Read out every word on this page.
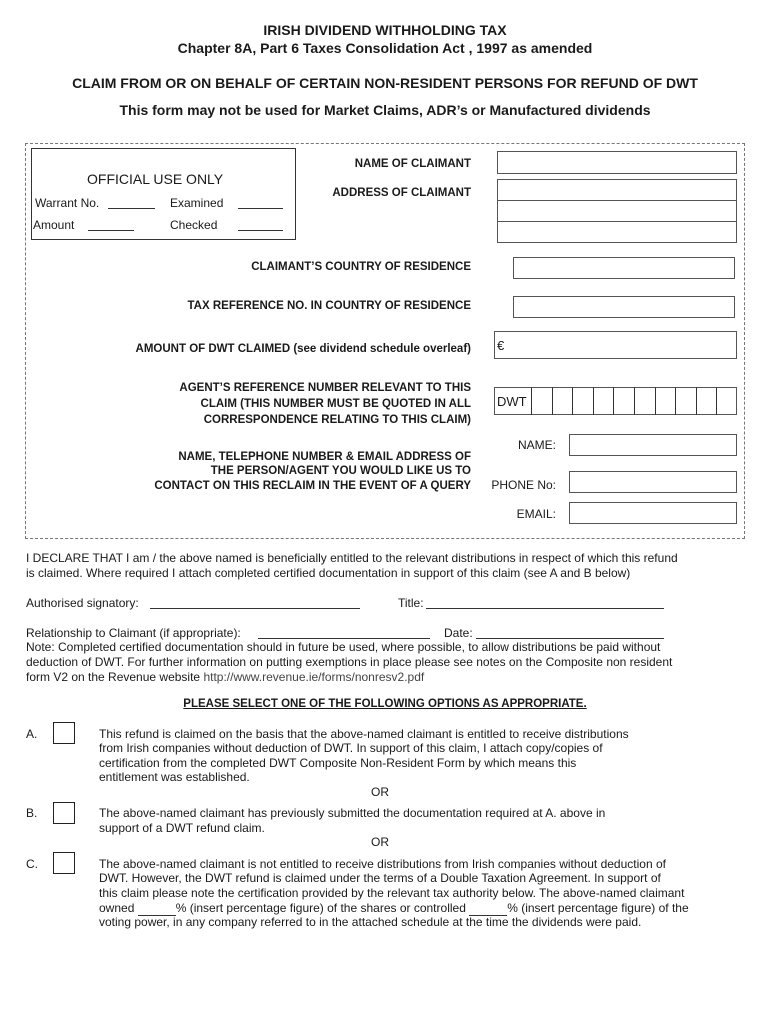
IRISH DIVIDEND WITHHOLDING TAX
Chapter 8A, Part 6 Taxes Consolidation Act , 1997 as amended
CLAIM FROM OR ON BEHALF OF CERTAIN NON-RESIDENT PERSONS FOR REFUND OF DWT
This form may not be used for Market Claims, ADR’s or Manufactured dividends
OFFICIAL USE ONLY
Warrant No.	Examined
Amount	Checked
NAME OF CLAIMANT
ADDRESS OF CLAIMANT
CLAIMANT’S COUNTRY OF RESIDENCE
TAX REFERENCE NO. IN COUNTRY OF RESIDENCE
AMOUNT OF DWT CLAIMED (see dividend schedule overleaf) €
AGENT’S REFERENCE NUMBER RELEVANT TO THIS
CLAIM (THIS NUMBER MUST BE QUOTED IN ALL
CORRESPONDENCE RELATING TO THIS CLAIM)
DWT
NAME, TELEPHONE NUMBER & EMAIL ADDRESS OF
THE PERSON/AGENT YOU WOULD LIKE US TO
CONTACT ON THIS RECLAIM IN THE EVENT OF A QUERY
NAME:
PHONE No:
EMAIL:
I DECLARE THAT I am / the above named is beneficially entitled to the relevant distributions in respect of which this refund
is claimed. Where required I attach completed certified documentation in support of this claim (see A and B below)
Authorised signatory:	Title:
Relationship to Claimant (if appropriate):	Date:
Note: Completed certified documentation should in future be used, where possible, to allow distributions be paid without
deduction of DWT. For further information on putting exemptions in place please see notes on the Composite non resident
form V2 on the Revenue website http://www.revenue.ie/forms/nonresv2.pdf
PLEASE SELECT ONE OF THE FOLLOWING OPTIONS AS APPROPRIATE.
A.	This refund is claimed on the basis that the above-named claimant is entitled to receive distributions
from Irish companies without deduction of DWT. In support of this claim, I attach copy/copies of
certification from the completed DWT Composite Non-Resident Form by which means this
entitlement was established.
OR
B.	The above-named claimant has previously submitted the documentation required at A. above in
support of a DWT refund claim.
OR
C.	The above-named claimant is not entitled to receive distributions from Irish companies without deduction of
DWT. However, the DWT refund is claimed under the terms of a Double Taxation Agreement. In support of
this claim please note the certification provided by the relevant tax authority below. The above-named claimant
owned	% (insert percentage figure) of the shares or controlled	% (insert percentage figure) of the
voting power, in any company referred to in the attached schedule at the time the dividends were paid.
